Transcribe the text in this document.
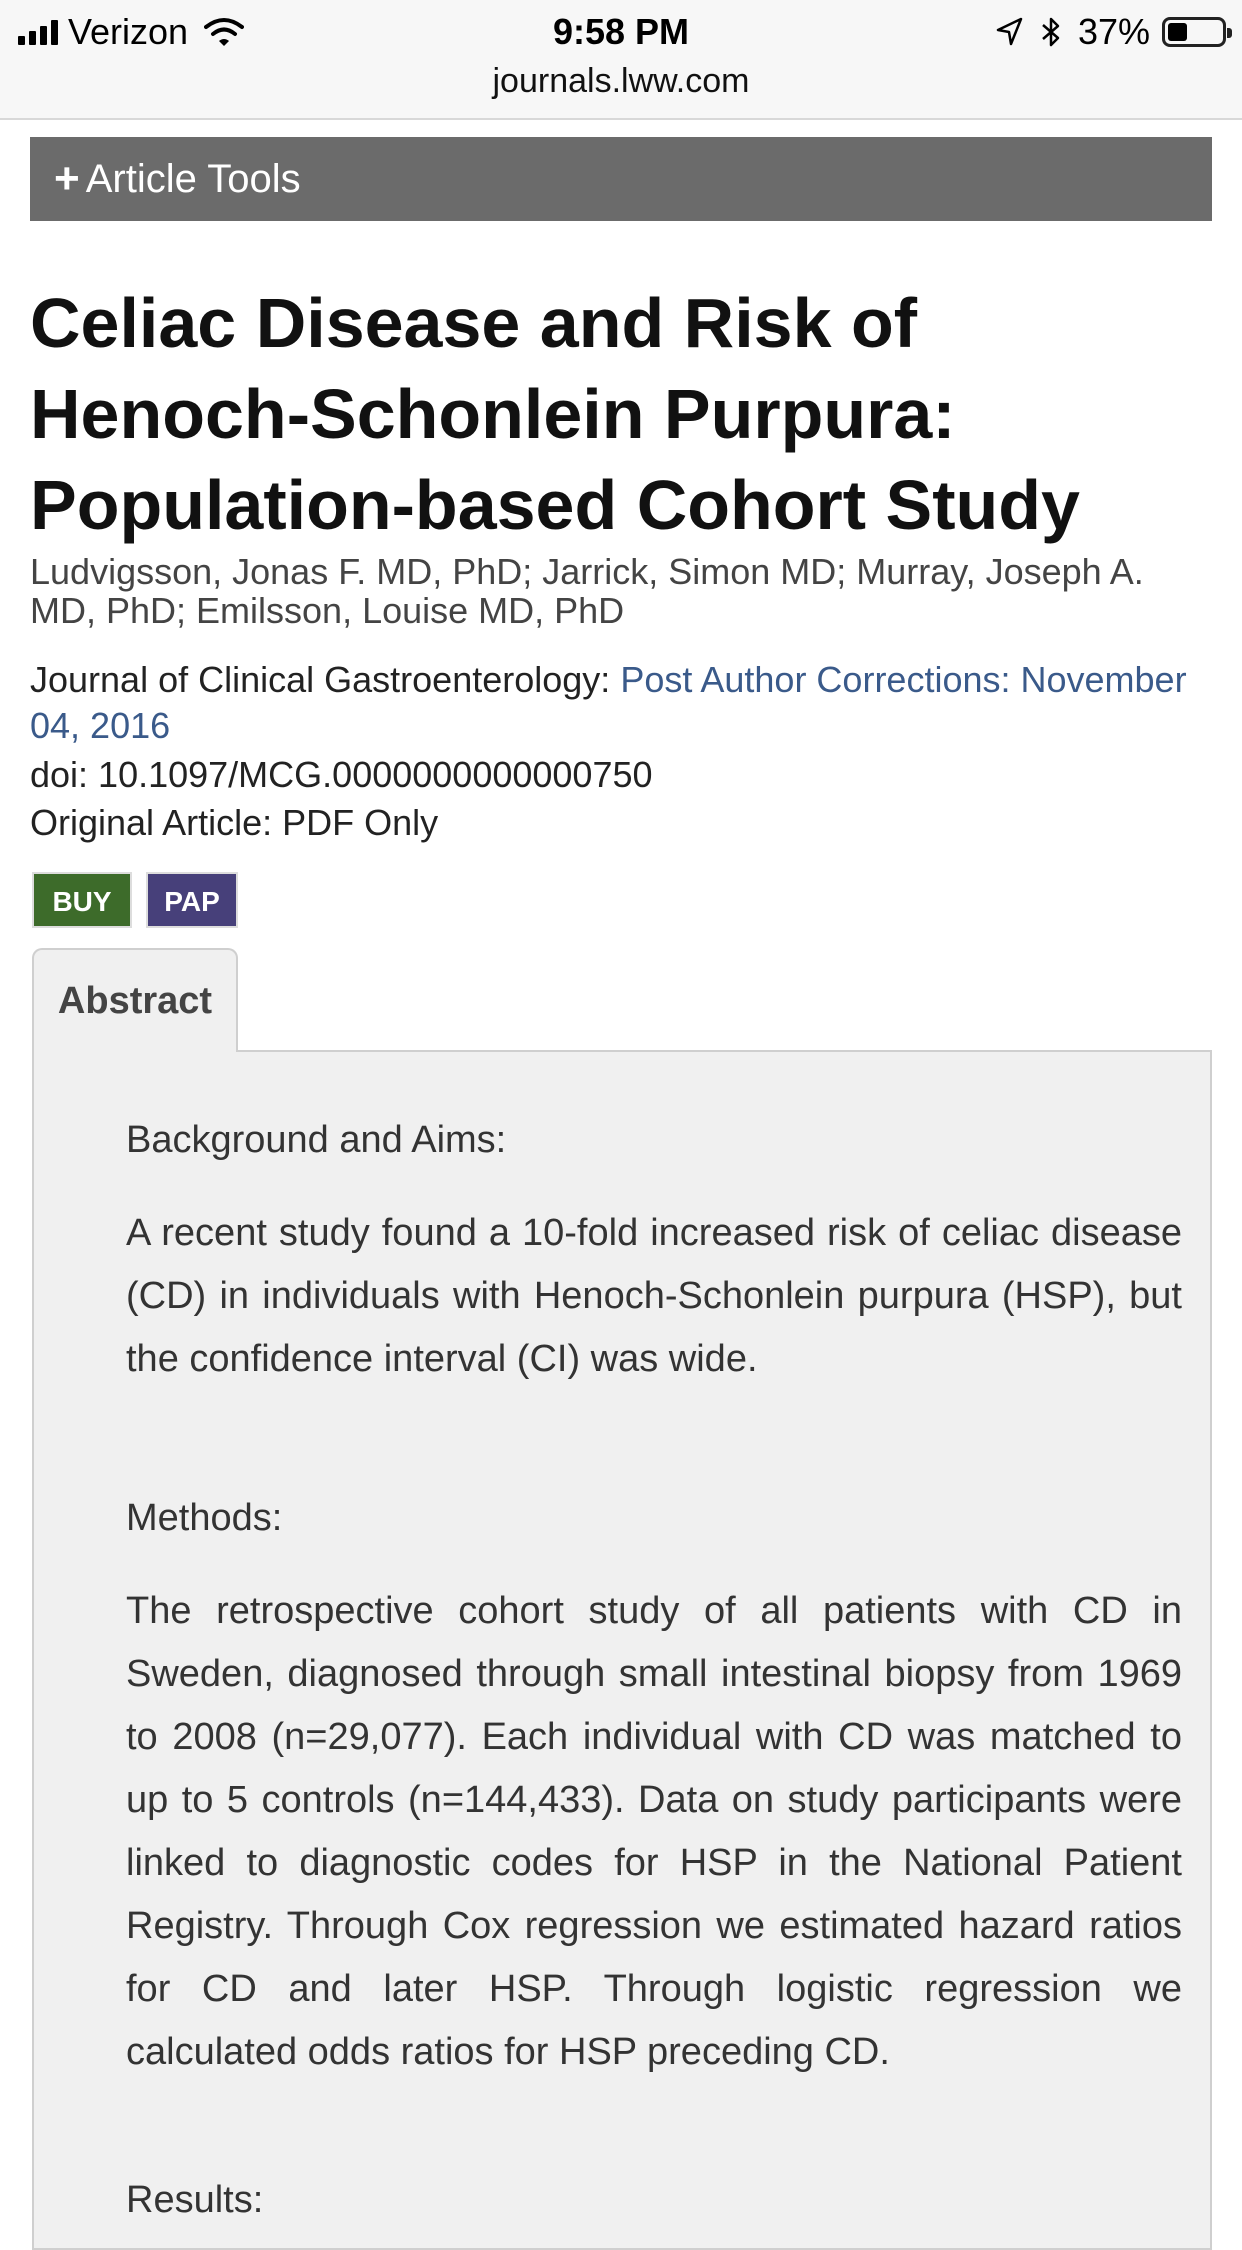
Verizon	9:58 PM	37%
journals.lww.com
+ Article Tools
Celiac Disease and Risk of Henoch-Schonlein Purpura: Population-based Cohort Study
Ludvigsson, Jonas F. MD, PhD; Jarrick, Simon MD; Murray, Joseph A. MD, PhD; Emilsson, Louise MD, PhD
Journal of Clinical Gastroenterology: Post Author Corrections: November 04, 2016
doi: 10.1097/MCG.0000000000000750
Original Article: PDF Only
BUY	PAP
Abstract
Background and Aims:
A recent study found a 10-fold increased risk of celiac disease (CD) in individuals with Henoch-Schonlein purpura (HSP), but the confidence interval (CI) was wide.
Methods:
The retrospective cohort study of all patients with CD in Sweden, diagnosed through small intestinal biopsy from 1969 to 2008 (n=29,077). Each individual with CD was matched to up to 5 controls (n=144,433). Data on study participants were linked to diagnostic codes for HSP in the National Patient Registry. Through Cox regression we estimated hazard ratios for CD and later HSP. Through logistic regression we calculated odds ratios for HSP preceding CD.
Results:
